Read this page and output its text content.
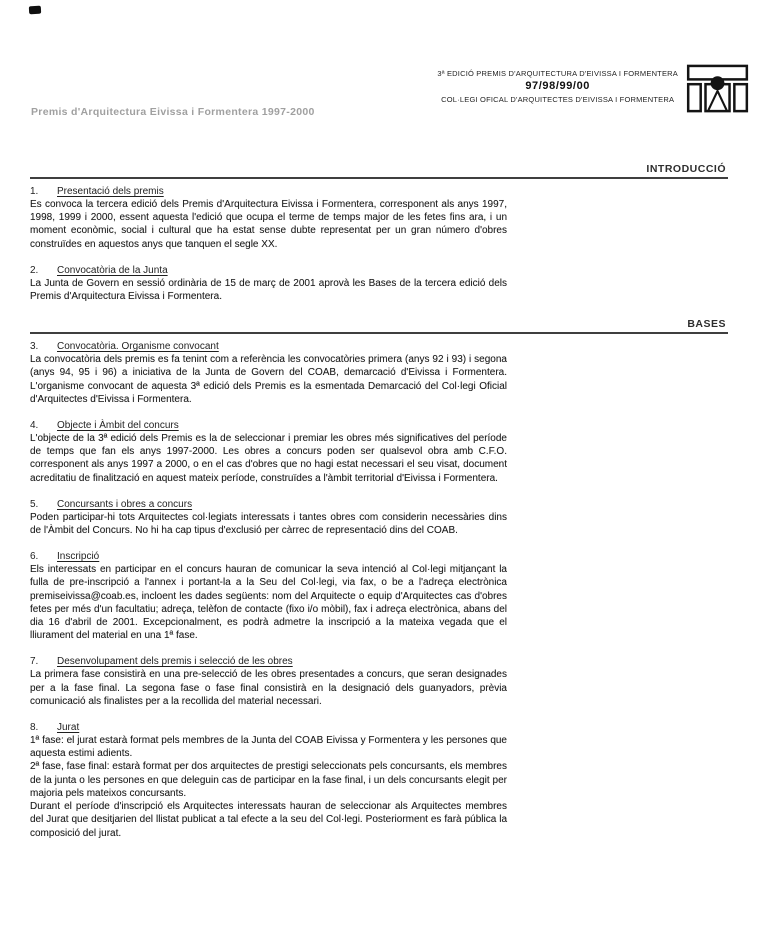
3ª EDICIÓ PREMIS D'ARQUITECTURA D'EIVISSA I FORMENTERA
97/98/99/00
COL·LEGI OFICAL D'ARQUITECTES D'EIVISSA I FORMENTERA
Premis d'Arquitectura Eivissa i Formentera 1997-2000
INTRODUCCIÓ
1. Presentació dels premis

Es convoca la tercera edició dels Premis d'Arquitectura Eivissa i Formentera, corresponent als anys 1997, 1998, 1999 i 2000, essent aquesta l'edició que ocupa el terme de temps major de les fetes fins ara, i un moment econòmic, social i cultural que ha estat sense dubte representat per un gran número d'obres construïdes en aquestos anys que tanquen el segle XX.

2. Convocatòria de la Junta

La Junta de Govern en sessió ordinària de 15 de març de 2001 aprovà les Bases de la tercera edició dels Premis d'Arquitectura Eivissa i Formentera.

BASES
3. Convocatòria. Organisme convocant

La convocatòria dels premis es fa tenint com a referència les convocatòries primera (anys 92 i 93) i segona (anys 94, 95 i 96) a iniciativa de la Junta de Govern del COAB, demarcació d'Eivissa i Formentera. L'organisme convocant de aquesta 3ª edició dels Premis es la esmentada Demarcació del Col·legi Oficial d'Arquitectes d'Eivissa i Formentera.

4. Objecte i Àmbit del concurs

L'objecte de la 3ª edició dels Premis es la de seleccionar i premiar les obres més significatives del període de temps que fan els anys 1997-2000. Les obres a concurs poden ser qualsevol obra amb C.F.O. corresponent als anys 1997 a 2000, o en el cas d'obres que no hagi estat necessari el seu visat, document acreditatiu de finalització en aquest mateix període, construïdes a l'àmbit territorial d'Eivissa i Formentera.

5. Concursants i obres a concurs

Poden participar-hi tots Arquitectes col·legiats interessats i tantes obres com considerin necessàries dins de l'Àmbit del Concurs. No hi ha cap tipus d'exclusió per càrrec de representació dins del COAB.

6. Inscripció

Els interessats en participar en el concurs hauran de comunicar la seva intenció al Col·legi mitjançant la fulla de pre-inscripció a l'annex i portant-la a la Seu del Col·legi, via fax, o be a l'adreça electrònica premiseivissa@coab.es, incloent les dades següents: nom del Arquitecte o equip d'Arquitectes cas d'obres fetes per més d'un facultatiu; adreça, telèfon de contacte (fixo i/o mòbil), fax i adreça electrònica, abans del dia 16 d'abril de 2001. Excepcionalment, es podrà admetre la inscripció a la mateixa vegada que el lliurament del material en una 1ª fase.

7. Desenvolupament dels premis i selecció de les obres

La primera fase consistirà en una pre-selecció de les obres presentades a concurs, que seran designades per a la fase final. La segona fase o fase final consistirà en la designació dels guanyadors, prèvia comunicació als finalistes per a la recollida del material necessari.

8. Jurat

1ª fase: el jurat estarà format pels membres de la Junta del COAB Eivissa y Formentera y les persones que aquesta estimi adients.

2ª fase, fase final: estarà format per dos arquitectes de prestigi seleccionats pels concursants, els membres de la junta o les persones en que deleguin cas de participar en la fase final, i un dels concursants elegit per majoria pels mateixos concursants.

Durant el període d'inscripció els Arquitectes interessats hauran de seleccionar als Arquitectes membres del Jurat que desitjarien del llistat publicat a tal efecte a la seu del Col·legi. Posteriorment es farà pública la composició del jurat.
